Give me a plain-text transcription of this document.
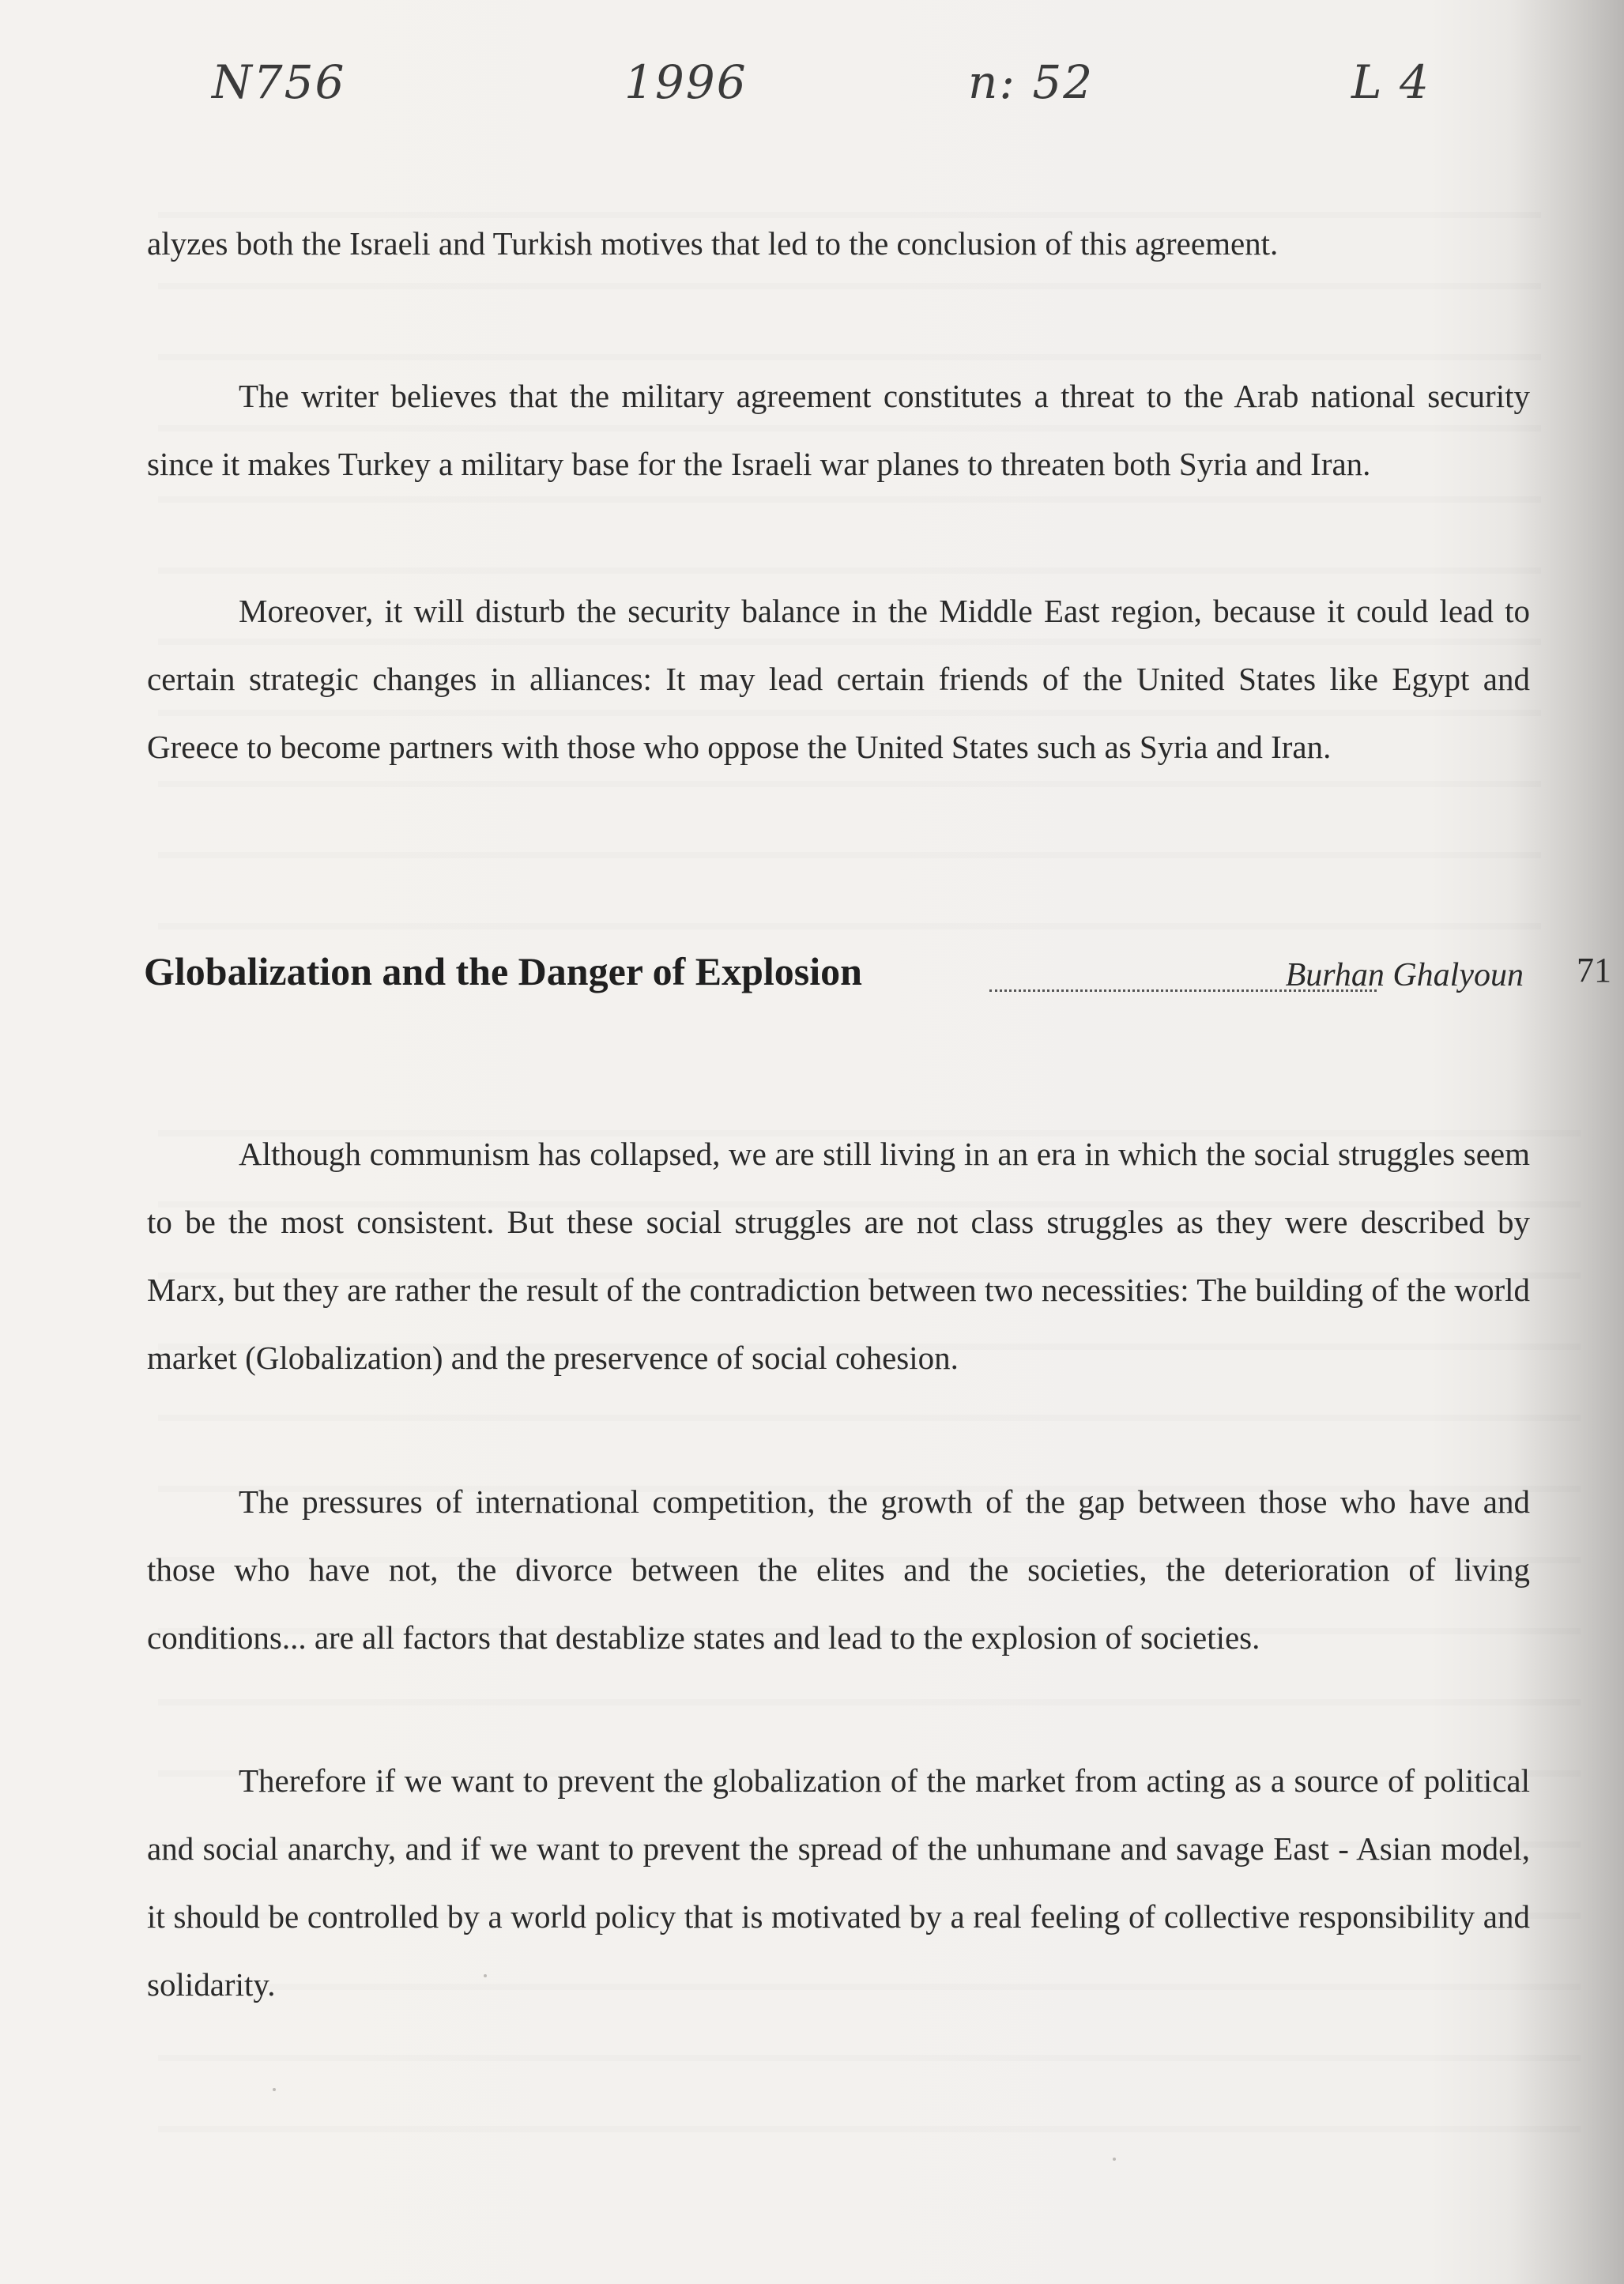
N756	1996	n: 52	L 4

alyzes both the Israeli and Turkish motives that led to the conclusion of this agreement.

The writer believes that the military agreement constitutes a threat to the Arab national security since it makes Turkey a military base for the Israeli war planes to threaten both Syria and Iran.

Moreover, it will disturb the security balance in the Middle East region, because it could lead to certain strategic changes in alliances: It may lead certain friends of the United States like Egypt and Greece to become partners with those who oppose the United States such as Syria and Iran.

Globalization and the Danger of Explosion	Burhan Ghalyoun 71

Although communism has collapsed, we are still living in an era in which the social struggles seem to be the most consistent. But these social struggles are not class struggles as they were described by Marx, but they are rather the result of the contradiction between two necessities: The building of the world market (Globalization) and the preservence of social cohesion.

The pressures of international competition, the growth of the gap between those who have and those who have not, the divorce between the elites and the societies, the deterioration of living conditions... are all factors that destablize states and lead to the explosion of societies.

Therefore if we want to prevent the globalization of the market from acting as a source of political and social anarchy, and if we want to prevent the spread of the unhumane and savage East - Asian model, it should be controlled by a world policy that is motivated by a real feeling of collective responsibility and solidarity.
